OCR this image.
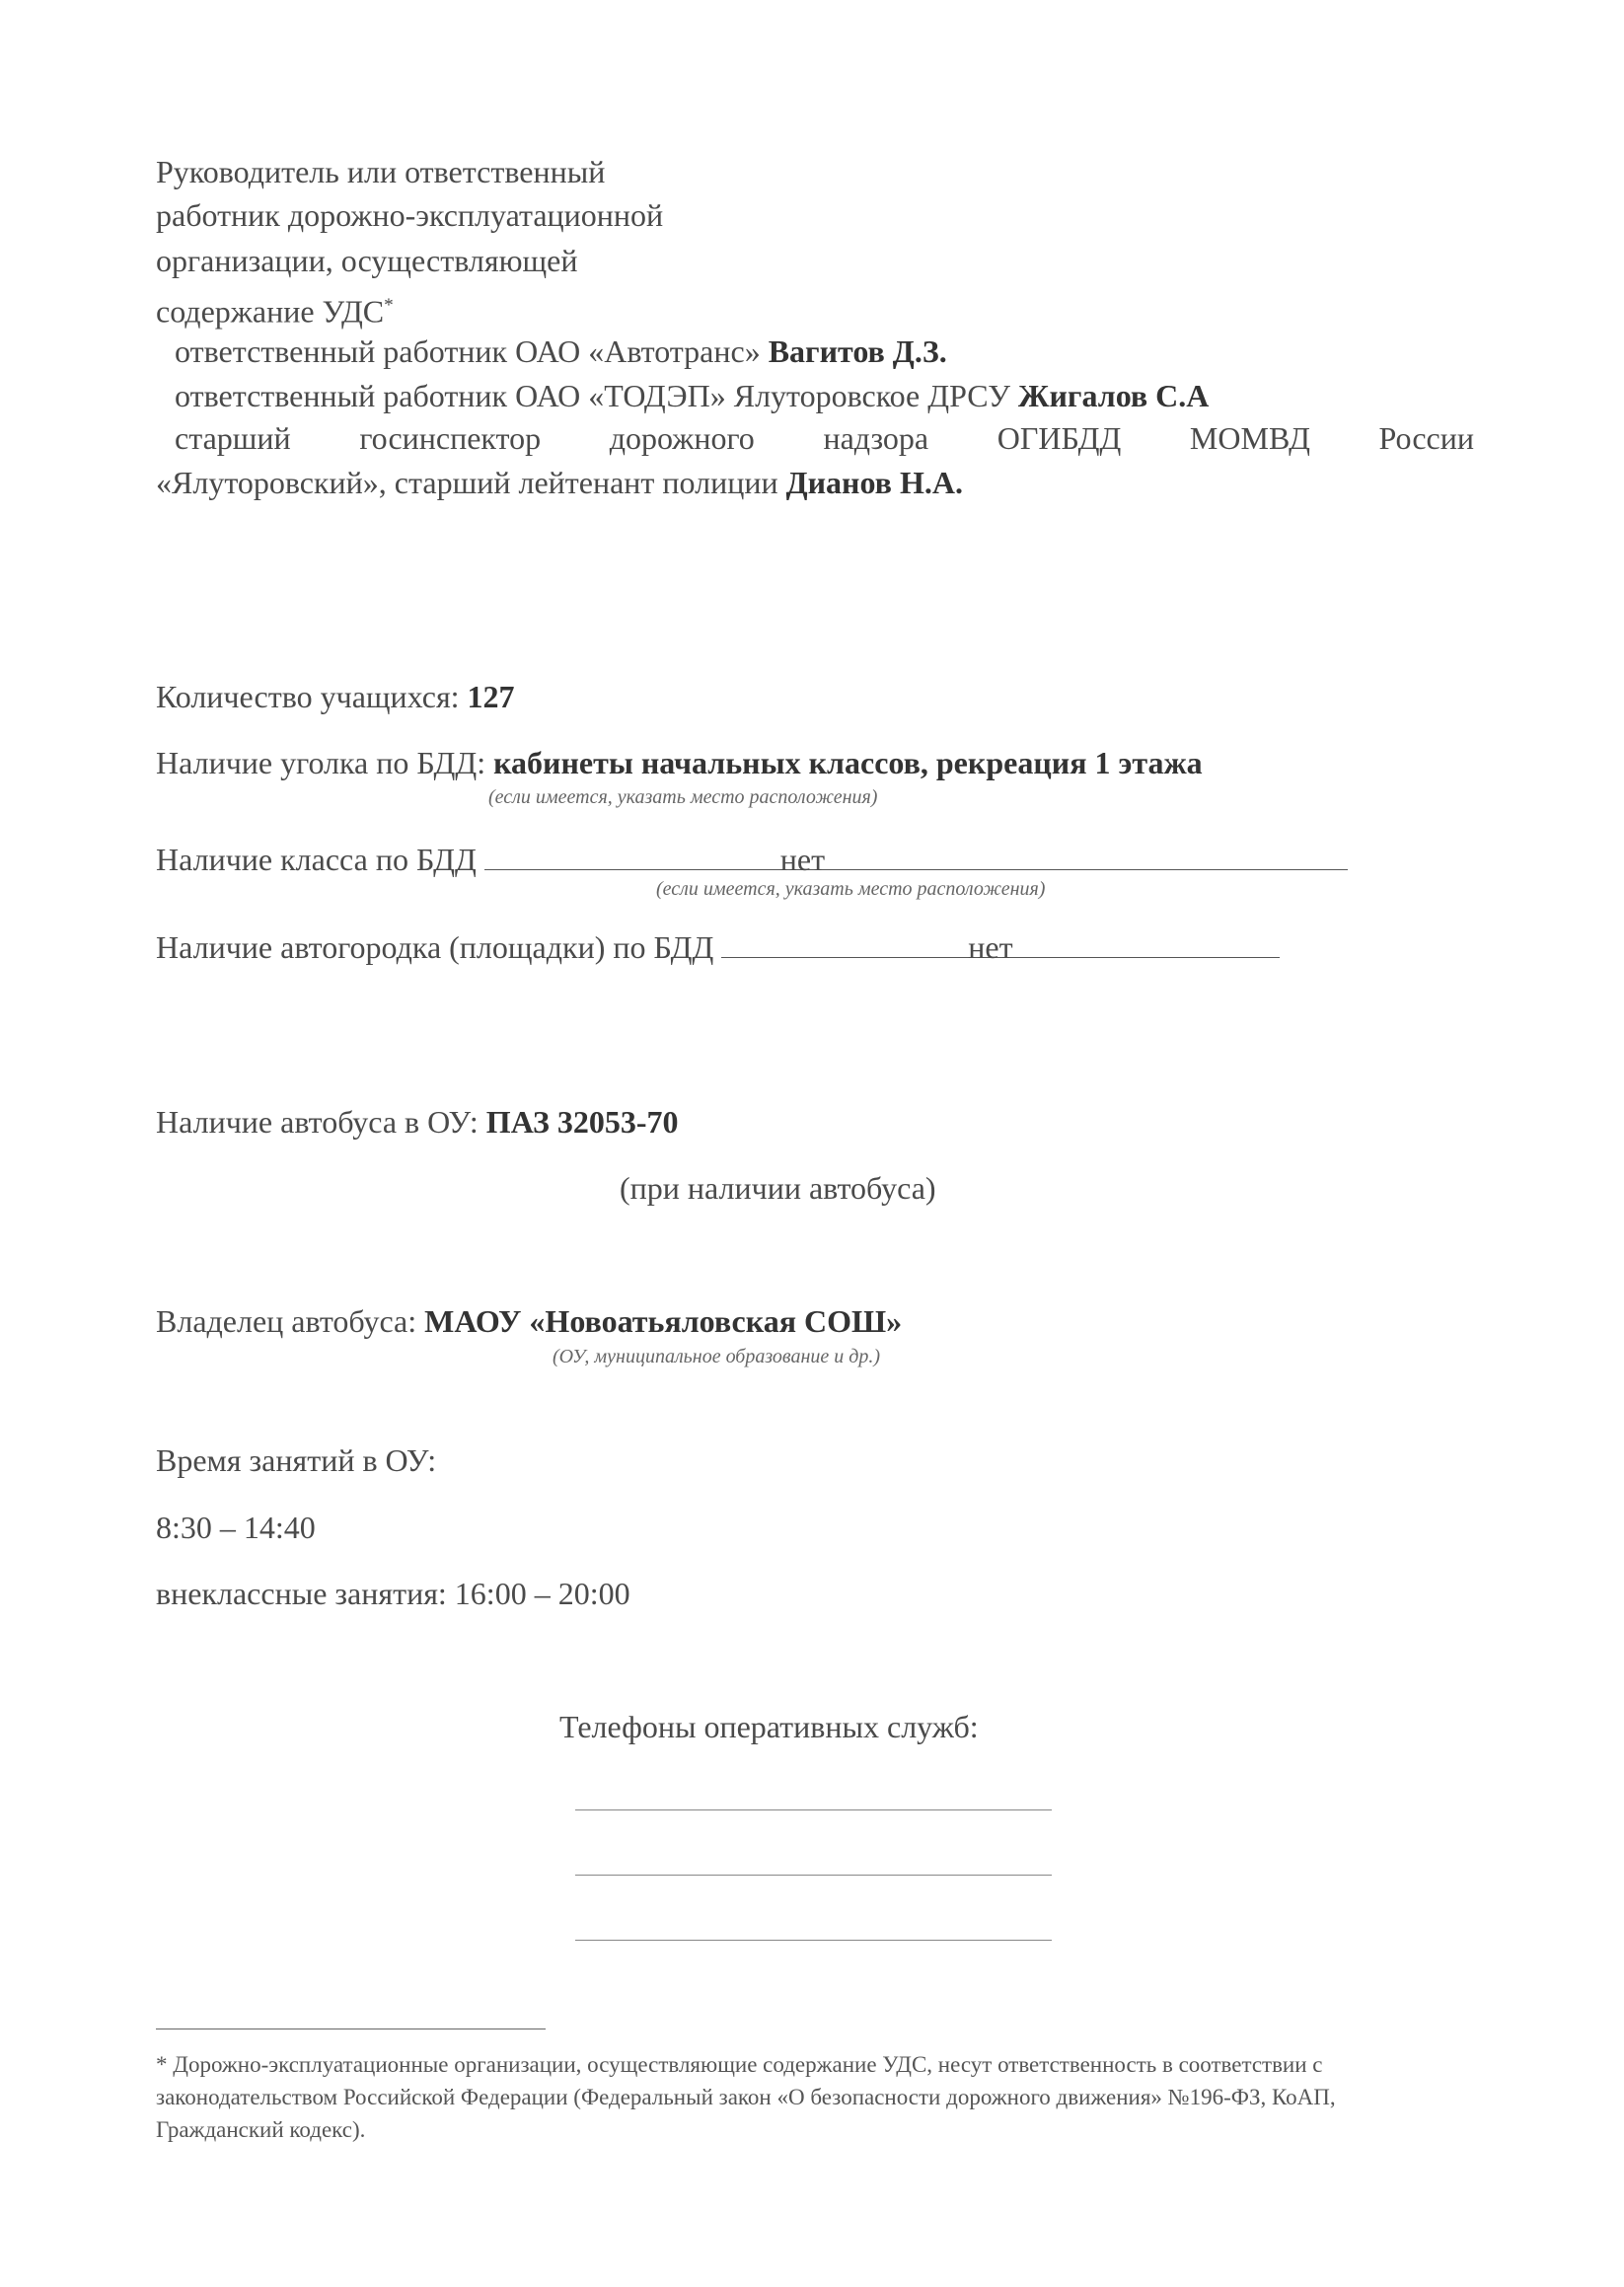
Руководитель или ответственный
работник дорожно-эксплуатационной
организации, осуществляющей
содержание УДС*
ответственный работник ОАО «Автотранс» Вагитов Д.З.
ответственный работник ОАО «ТОДЭП» Ялуторовское ДРСУ Жигалов С.А
старший госинспектор дорожного надзора ОГИБДД МОМВД России
«Ялуторовский», старший лейтенант полиции Дианов Н.А.
Количество учащихся: 127
Наличие уголка по БДД: кабинеты начальных классов, рекреация 1 этажа
(если имеется, указать место расположения)
Наличие класса по БДД	нет
(если имеется, указать место расположения)
Наличие автогородка (площадки) по БДД	нет
Наличие автобуса в ОУ: ПАЗ 32053-70
(при наличии автобуса)
Владелец автобуса: МАОУ «Новоатьяловская СОШ»
(ОУ, муниципальное образование и др.)
Время занятий в ОУ:
8:30 – 14:40
внеклассные занятия: 16:00 – 20:00
Телефоны оперативных служб:
* Дорожно-эксплуатационные организации, осуществляющие содержание УДС, несут ответственность в соответствии с законодательством Российской Федерации (Федеральный закон «О безопасности дорожного движения» №196-ФЗ, КоАП, Гражданский кодекс).
